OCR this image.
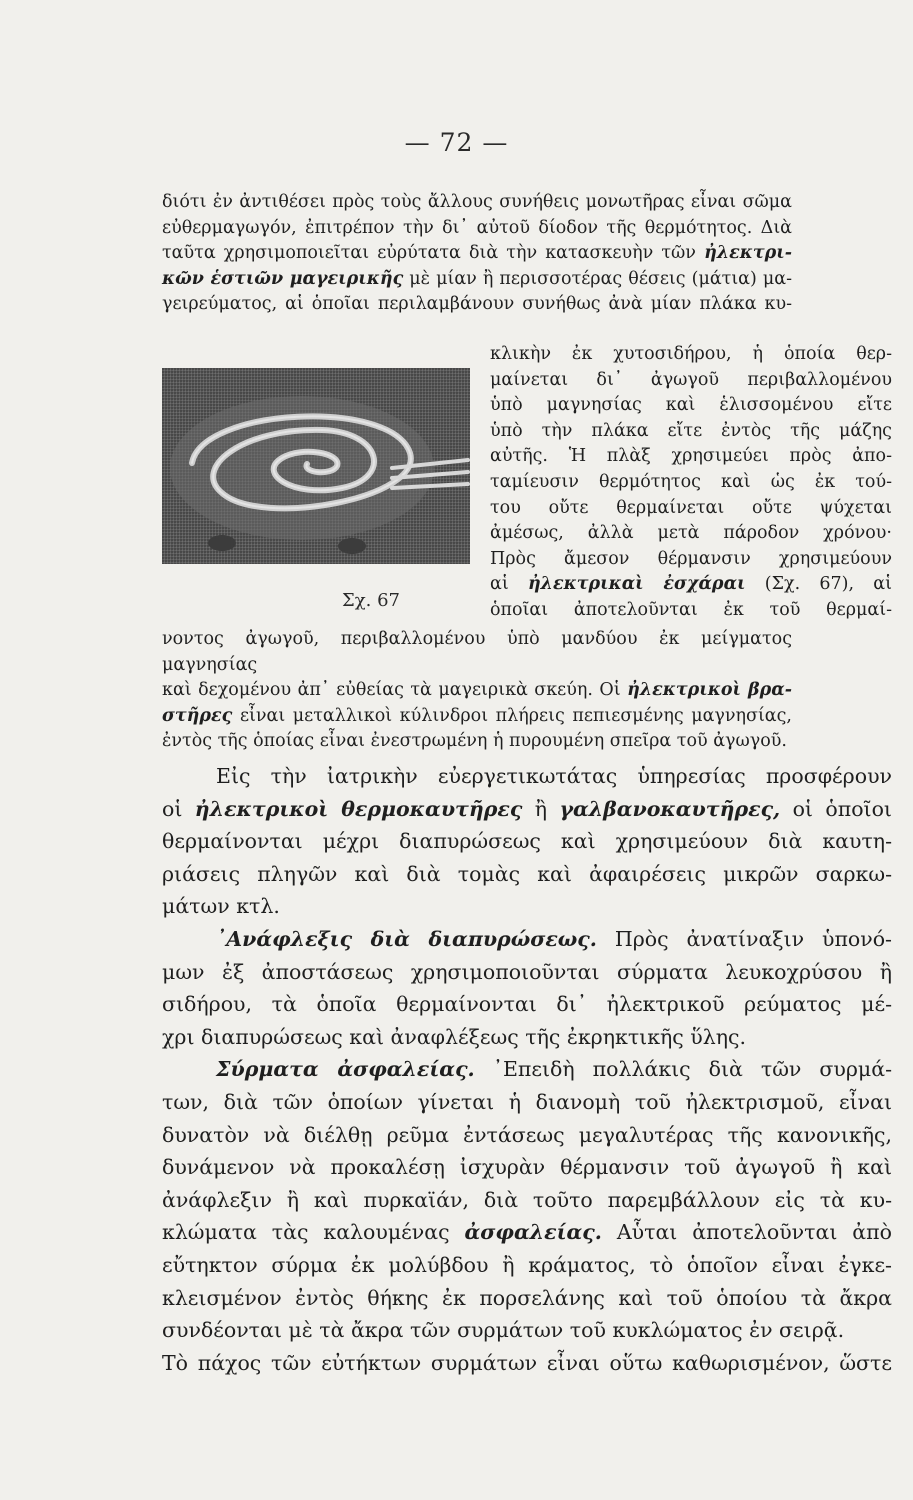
— 72 —
διότι ἐν ἀντιθέσει πρὸς τοὺς ἄλλους συνήθεις μονωτῆρας εἶναι σῶμα
εὐθερμαγωγόν, ἐπιτρέπον τὴν δι᾿ αὐτοῦ δίοδον τῆς θερμότητος. Διὰ
ταῦτα χρησιμοποιεῖται εὐρύτατα διὰ τὴν κατασκευὴν τῶν ἠλεκτρι-
κῶν ἑστιῶν μαγειρικῆς μὲ μίαν ἢ περισσοτέρας θέσεις (μάτια) μα-
γειρεύματος, αἱ ὁποῖαι περιλαμβάνουν συνήθως ἀνὰ μίαν πλάκα κυ-
Σχ. 67

κλικὴν ἐκ χυτοσιδήρου, ἡ ὁποία θερ-

μαίνεται δι᾿ ἀγωγοῦ περιβαλλομένου

ὑπὸ μαγνησίας καὶ ἑλισσομένου εἴτε

ὑπὸ τὴν πλάκα εἴτε ἐντὸς τῆς μάζης

αὐτῆς. Ἡ πλὰξ χρησιμεύει πρὸς ἀπο-

ταμίευσιν θερμότητος καὶ ὡς ἐκ τού-

του οὔτε θερμαίνεται οὔτε ψύχεται

ἀμέσως, ἀλλὰ μετὰ πάροδον χρόνου·

Πρὸς ἄμεσον θέρμανσιν χρησιμεύουν

αἱ ἠλεκτρικαὶ ἐσχάραι (Σχ. 67), αἱ

ὁποῖαι ἀποτελοῦνται ἐκ τοῦ θερμαί-

νοντος ἀγωγοῦ, περιβαλλομένου ὑπὸ μανδύου ἐκ μείγματος μαγνησίας
καὶ δεχομένου ἀπ᾿ εὐθείας τὰ μαγειρικὰ σκεύη. Οἱ ἠλεκτρικοὶ βρα-
στῆρες εἶναι μεταλλικοὶ κύλινδροι πλήρεις πεπιεσμένης μαγνησίας,
ἐντὸς τῆς ὁποίας εἶναι ἐνεστρωμένη ἡ πυρουμένη σπεῖρα τοῦ ἀγωγοῦ.
Εἰς τὴν ἰατρικὴν εὐεργετικωτάτας ὑπηρεσίας προσφέρουν
οἱ ἠλεκτρικοὶ θερμοκαυτῆρες ἢ γαλβανοκαυτῆρες, οἱ ὁποῖοι
θερμαίνονται μέχρι διαπυρώσεως καὶ χρησιμεύουν διὰ καυτη-
ριάσεις πληγῶν καὶ διὰ τομὰς καὶ ἀφαιρέσεις μικρῶν σαρκω-
μάτων κτλ.
᾿Ανάφλεξις διὰ διαπυρώσεως. Πρὸς ἀνατίναξιν ὑπονό-
μων ἐξ ἀποστάσεως χρησιμοποιοῦνται σύρματα λευκοχρύσου ἢ
σιδήρου, τὰ ὁποῖα θερμαίνονται δι᾿ ἠλεκτρικοῦ ρεύματος μέ-
χρι διαπυρώσεως καὶ ἀναφλέξεως τῆς ἐκρηκτικῆς ὕλης.
Σύρματα ἀσφαλείας. ᾿Επειδὴ πολλάκις διὰ τῶν συρμά-
των, διὰ τῶν ὁποίων γίνεται ἡ διανομὴ τοῦ ἠλεκτρισμοῦ, εἶναι
δυνατὸν νὰ διέλθῃ ρεῦμα ἐντάσεως μεγαλυτέρας τῆς κανονικῆς,
δυνάμενον νὰ προκαλέσῃ ἰσχυρὰν θέρμανσιν τοῦ ἀγωγοῦ ἢ καὶ
ἀνάφλεξιν ἢ καὶ πυρκαϊάν, διὰ τοῦτο παρεμβάλλουν εἰς τὰ κυ-
κλώματα τὰς καλουμένας ἀσφαλείας. Αὗται ἀποτελοῦνται ἀπὸ
εὔτηκτον σύρμα ἐκ μολύβδου ἢ κράματος, τὸ ὁποῖον εἶναι ἐγκε-
κλεισμένον ἐντὸς θήκης ἐκ πορσελάνης καὶ τοῦ ὁποίου τὰ ἄκρα
συνδέονται μὲ τὰ ἄκρα τῶν συρμάτων τοῦ κυκλώματος ἐν σειρᾷ.
Τὸ πάχος τῶν εὐτήκτων συρμάτων εἶναι οὕτω καθωρισμένον, ὥστε
